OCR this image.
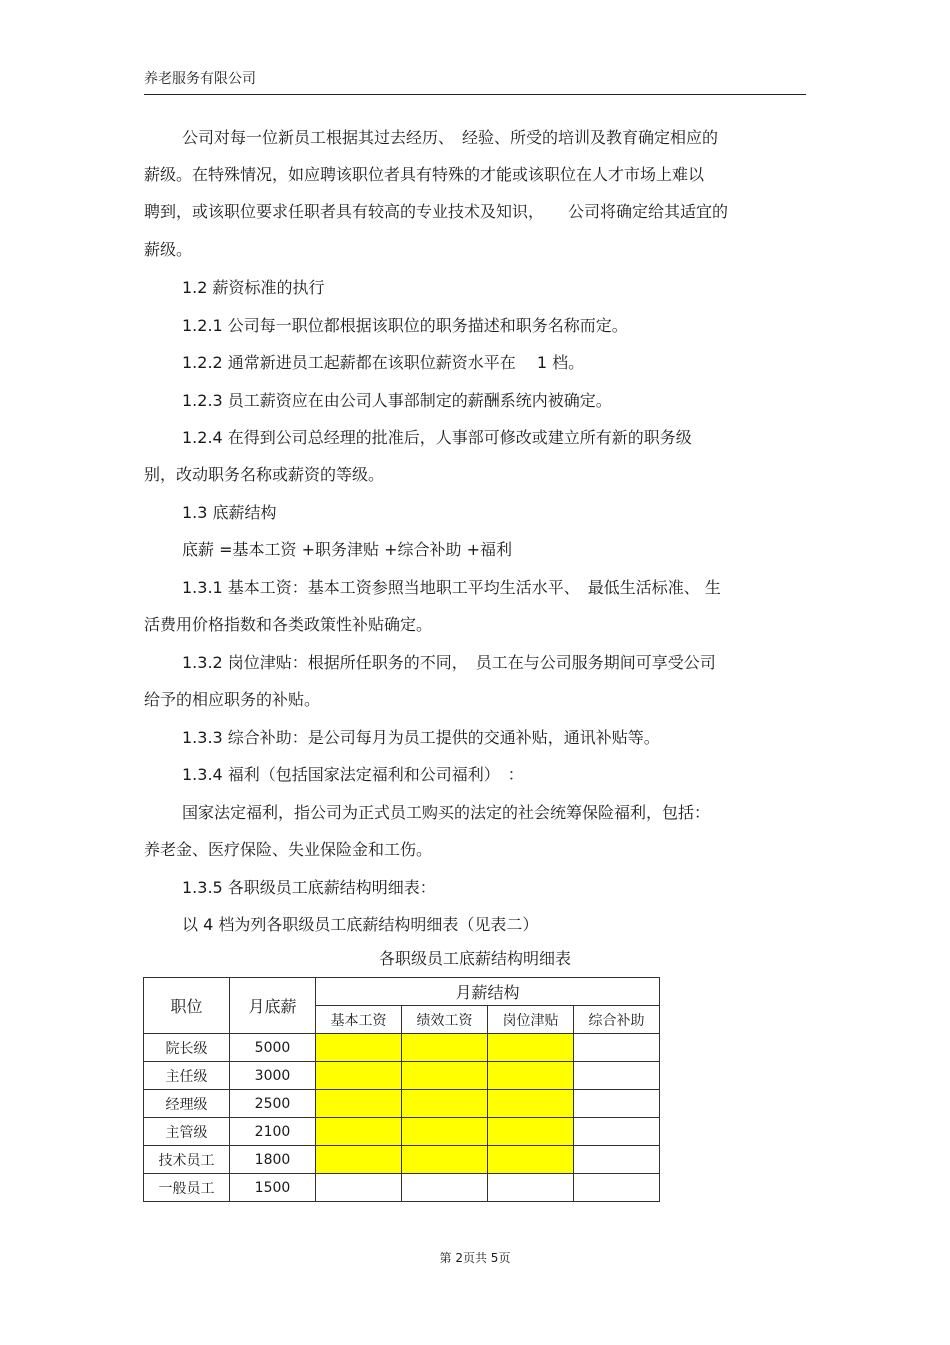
养老服务有限公司
公司对每一位新员工根据其过去经历、　经验、所受的培训及教育确定相应的
薪级。在特殊情况，如应聘该职位者具有特殊的才能或该职位在人才市场上难以
聘到，或该职位要求任职者具有较高的专业技术及知识，　　公司将确定给其适宜的
薪级。
1.2 薪资标准的执行
1.2.1 公司每一职位都根据该职位的职务描述和职务名称而定。
1.2.2 通常新进员工起薪都在该职位薪资水平在　 1 档。
1.2.3 员工薪资应在由公司人事部制定的薪酬系统内被确定。
1.2.4 在得到公司总经理的批准后，人事部可修改或建立所有新的职务级
别，改动职务名称或薪资的等级。
1.3 底薪结构
底薪 =基本工资 +职务津贴 +综合补助 +福利
1.3.1 基本工资：基本工资参照当地职工平均生活水平、　最低生活标准、 生
活费用价格指数和各类政策性补贴确定。
1.3.2 岗位津贴：根据所任职务的不同，　员工在与公司服务期间可享受公司
给予的相应职务的补贴。
1.3.3 综合补助：是公司每月为员工提供的交通补贴，通讯补贴等。
1.3.4 福利（包括国家法定福利和公司福利）　：
国家法定福利，指公司为正式员工购买的法定的社会统筹保险福利，包括：
养老金、医疗保险、失业保险金和工伤。
1.3.5 各职级员工底薪结构明细表：
以 4 档为列各职级员工底薪结构明细表（见表二）
各职级员工底薪结构明细表
职位	月底薪	月薪结构			
		基本工资	绩效工资	岗位津贴	综合补助
院长级	5000				
主任级	3000				
经理级	2500				
主管级	2100				
技术员工	1800				
一般员工	1500				
第 2页共 5页
